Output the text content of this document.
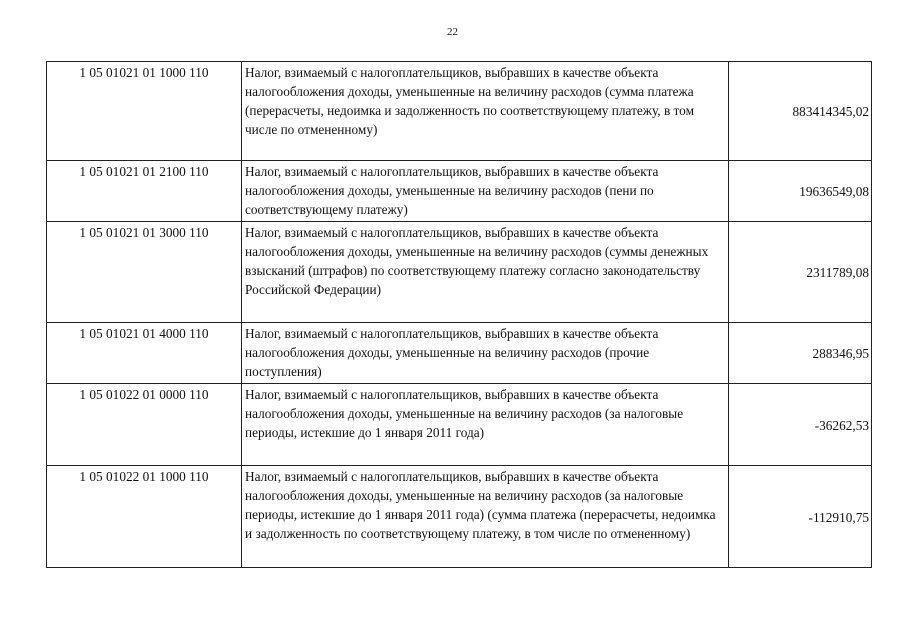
22
1 05 01021 01 1000 110	Налог, взимаемый с налогоплательщиков, выбравших в качестве объекта налогообложения доходы, уменьшенные на величину расходов (сумма платежа (перерасчеты, недоимка и задолженность по соответствующему платежу, в том числе по отмененному)	883414345,02
1 05 01021 01 2100 110	Налог, взимаемый с налогоплательщиков, выбравших в качестве объекта налогообложения доходы, уменьшенные на величину расходов (пени по соответствующему платежу)	19636549,08
1 05 01021 01 3000 110	Налог, взимаемый с налогоплательщиков, выбравших в качестве объекта налогообложения доходы, уменьшенные на величину расходов (суммы денежных взысканий (штрафов) по соответствующему платежу согласно законодательству Российской Федерации)	2311789,08
1 05 01021 01 4000 110	Налог, взимаемый с налогоплательщиков, выбравших в качестве объекта налогообложения доходы, уменьшенные на величину расходов (прочие поступления)	288346,95
1 05 01022 01 0000 110	Налог, взимаемый с налогоплательщиков, выбравших в качестве объекта налогообложения доходы, уменьшенные на величину расходов (за налоговые периоды, истекшие до 1 января 2011 года)	-36262,53
1 05 01022 01 1000 110	Налог, взимаемый с налогоплательщиков, выбравших в качестве объекта налогообложения доходы, уменьшенные на величину расходов (за налоговые периоды, истекшие до 1 января 2011 года) (сумма платежа (перерасчеты, недоимка и задолженность по соответствующему платежу, в том числе по отмененному)	-112910,75
